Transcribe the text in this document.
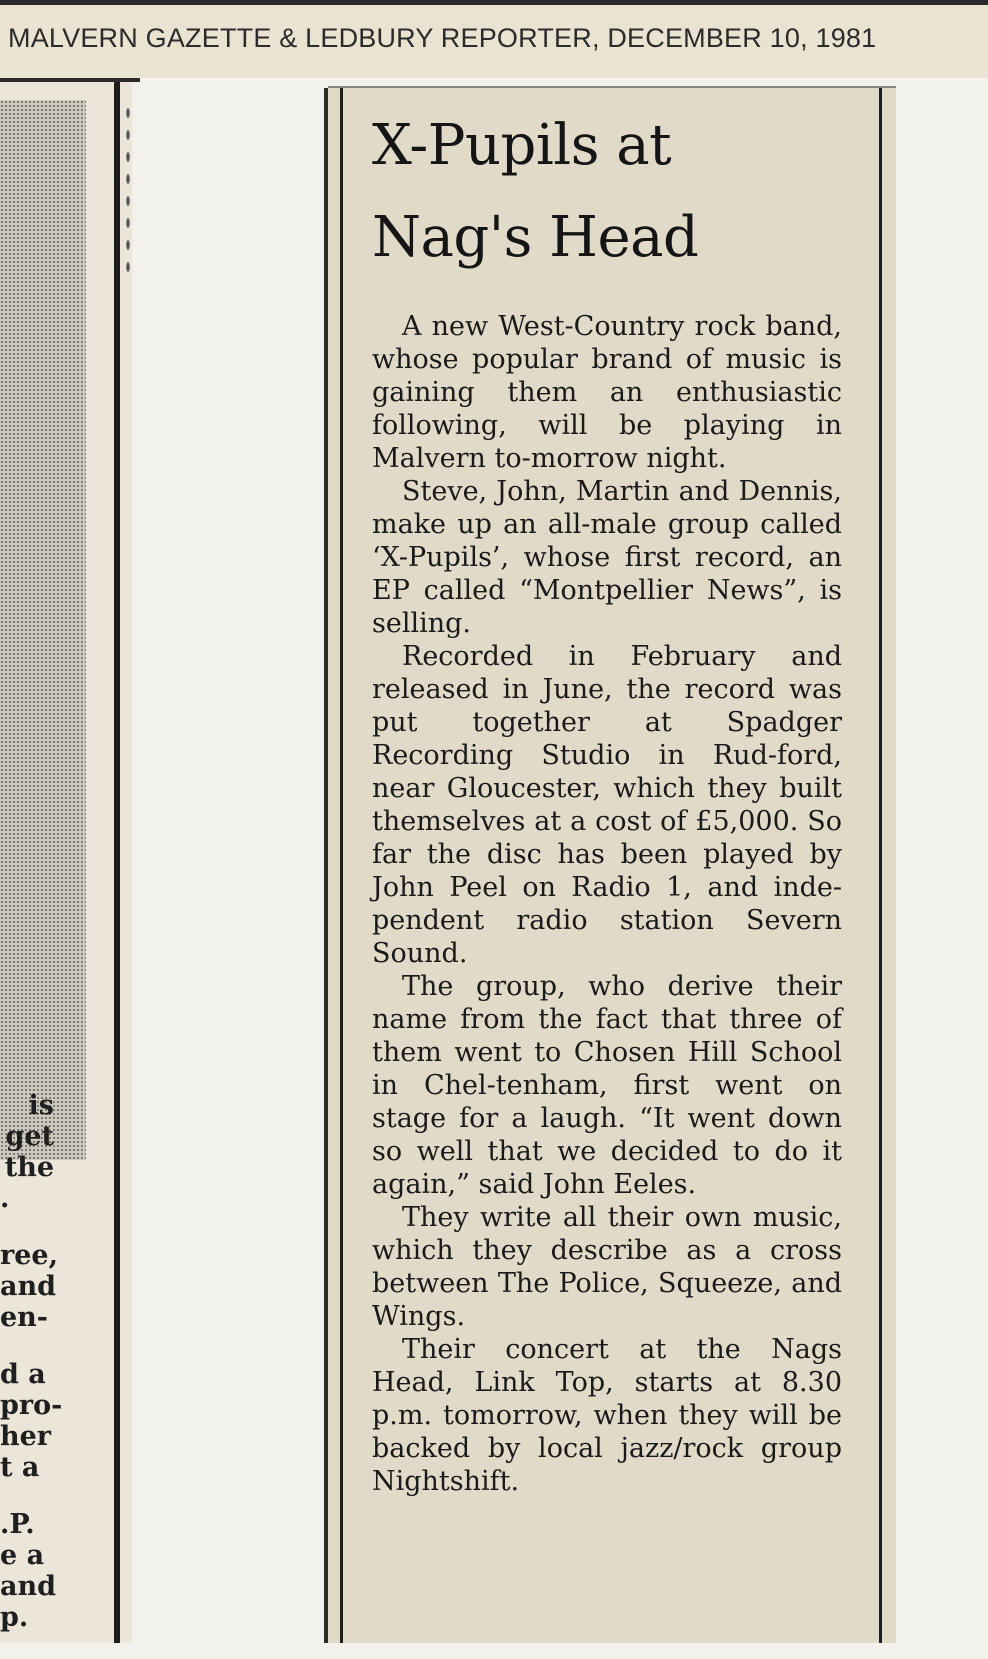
MALVERN GAZETTE & LEDBURY REPORTER, DECEMBER 10, 1981
is
get
the
.
ree,
and
en-
d a
pro-
her
t a
.P.
e a
and
p.
X-Pupils at
Nag's Head

A new West-Country rock band, whose popular brand of music is gaining them an enthusiastic following, will be playing in Malvern to-morrow night.

Steve, John, Martin and Dennis, make up an all-male group called ‘X-Pupils’, whose first record, an EP called “Montpellier News”, is selling.

Recorded in February and released in June, the record was put together at Spadger Recording Studio in Rud-ford, near Gloucester, which they built themselves at a cost of £5,000. So far the disc has been played by John Peel on Radio 1, and inde-pendent radio station Severn Sound.

The group, who derive their name from the fact that three of them went to Chosen Hill School in Chel-tenham, first went on stage for a laugh. “It went down so well that we decided to do it again,” said John Eeles.

They write all their own music, which they describe as a cross between The Police, Squeeze, and Wings.

Their concert at the Nags Head, Link Top, starts at 8.30 p.m. tomorrow, when they will be backed by local jazz/rock group Nightshift.
